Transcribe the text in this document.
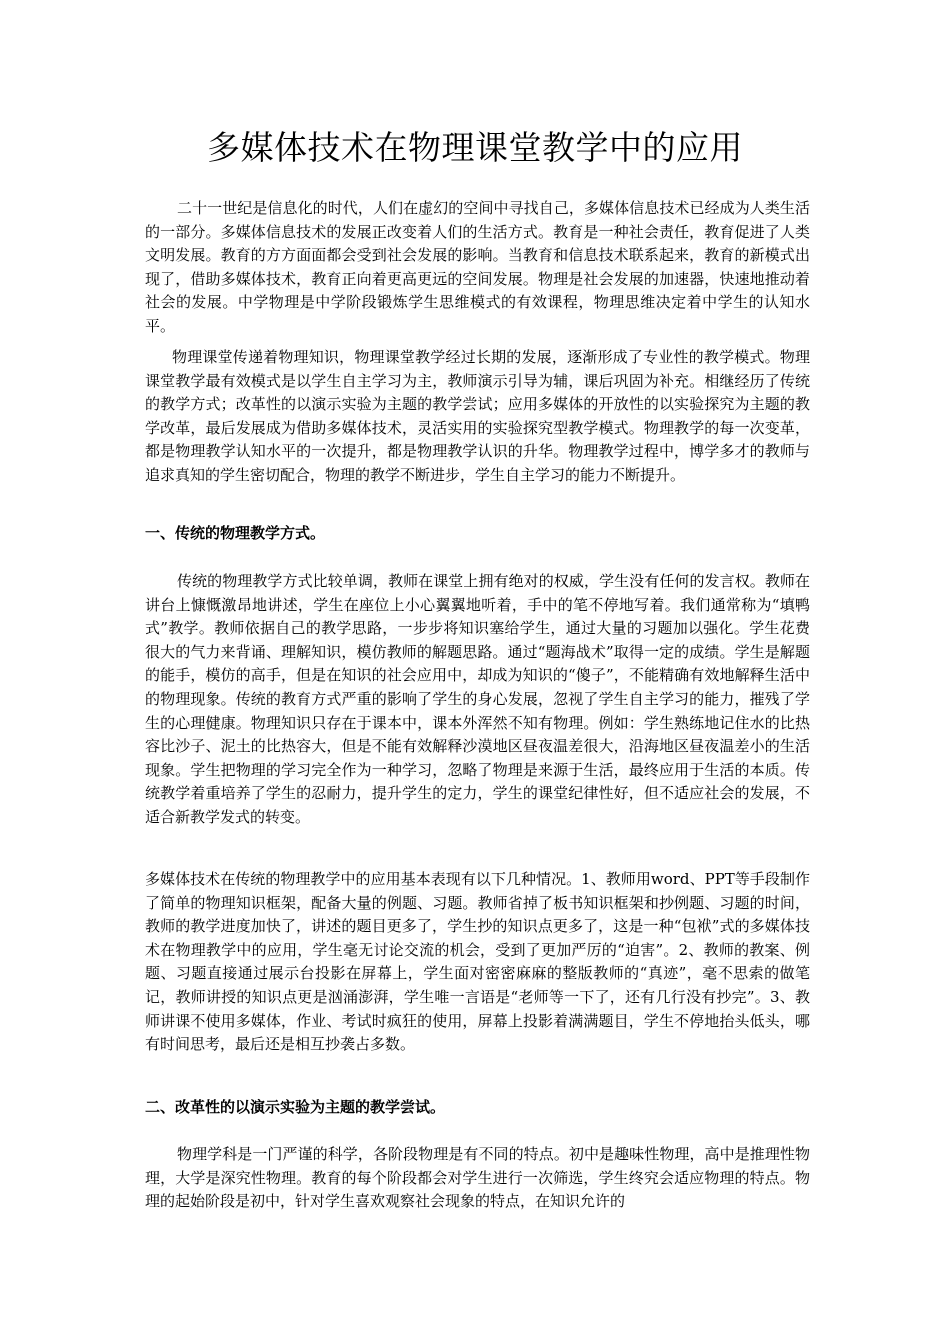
多媒体技术在物理课堂教学中的应用

二十一世纪是信息化的时代，人们在虚幻的空间中寻找自己，多媒体信息技术已经成为人类生活的一部分。多媒体信息技术的发展正改变着人们的生活方式。教育是一种社会责任，教育促进了人类文明发展。教育的方方面面都会受到社会发展的影响。当教育和信息技术联系起来，教育的新模式出现了，借助多媒体技术，教育正向着更高更远的空间发展。物理是社会发展的加速器，快速地推动着社会的发展。中学物理是中学阶段锻炼学生思维模式的有效课程，物理思维决定着中学生的认知水平。

物理课堂传递着物理知识，物理课堂教学经过长期的发展，逐渐形成了专业性的教学模式。物理课堂教学最有效模式是以学生自主学习为主，教师演示引导为辅，课后巩固为补充。相继经历了传统的教学方式；改革性的以演示实验为主题的教学尝试；应用多媒体的开放性的以实验探究为主题的教学改革，最后发展成为借助多媒体技术，灵活实用的实验探究型教学模式。物理教学的每一次变革，都是物理教学认知水平的一次提升，都是物理教学认识的升华。物理教学过程中，博学多才的教师与追求真知的学生密切配合，物理的教学不断进步，学生自主学习的能力不断提升。

一、传统的物理教学方式。

传统的物理教学方式比较单调，教师在课堂上拥有绝对的权威，学生没有任何的发言权。教师在讲台上慷慨激昂地讲述，学生在座位上小心翼翼地听着，手中的笔不停地写着。我们通常称为“填鸭式”教学。教师依据自己的教学思路，一步步将知识塞给学生，通过大量的习题加以强化。学生花费很大的气力来背诵、理解知识，模仿教师的解题思路。通过“题海战术”取得一定的成绩。学生是解题的能手，模仿的高手，但是在知识的社会应用中，却成为知识的“傻子”，不能精确有效地解释生活中的物理现象。传统的教育方式严重的影响了学生的身心发展，忽视了学生自主学习的能力，摧残了学生的心理健康。物理知识只存在于课本中，课本外浑然不知有物理。例如：学生熟练地记住水的比热容比沙子、泥土的比热容大，但是不能有效解释沙漠地区昼夜温差很大，沿海地区昼夜温差小的生活现象。学生把物理的学习完全作为一种学习，忽略了物理是来源于生活，最终应用于生活的本质。传统教学着重培养了学生的忍耐力，提升学生的定力，学生的课堂纪律性好，但不适应社会的发展，不适合新教学发式的转变。

多媒体技术在传统的物理教学中的应用基本表现有以下几种情况。1、教师用word、PPT等手段制作了简单的物理知识框架，配备大量的例题、习题。教师省掉了板书知识框架和抄例题、习题的时间，教师的教学进度加快了，讲述的题目更多了，学生抄的知识点更多了，这是一种“包袱”式的多媒体技术在物理教学中的应用，学生毫无讨论交流的机会，受到了更加严厉的“迫害”。2、教师的教案、例题、习题直接通过展示台投影在屏幕上，学生面对密密麻麻的整版教师的“真迹”，毫不思索的做笔记，教师讲授的知识点更是汹涌澎湃，学生唯一言语是“老师等一下了，还有几行没有抄完”。3、教师讲课不使用多媒体，作业、考试时疯狂的使用，屏幕上投影着满满题目，学生不停地抬头低头，哪有时间思考，最后还是相互抄袭占多数。

二、改革性的以演示实验为主题的教学尝试。

物理学科是一门严谨的科学，各阶段物理是有不同的特点。初中是趣味性物理，高中是推理性物理，大学是深究性物理。教育的每个阶段都会对学生进行一次筛选，学生终究会适应物理的特点。物理的起始阶段是初中，针对学生喜欢观察社会现象的特点，在知识允许的
